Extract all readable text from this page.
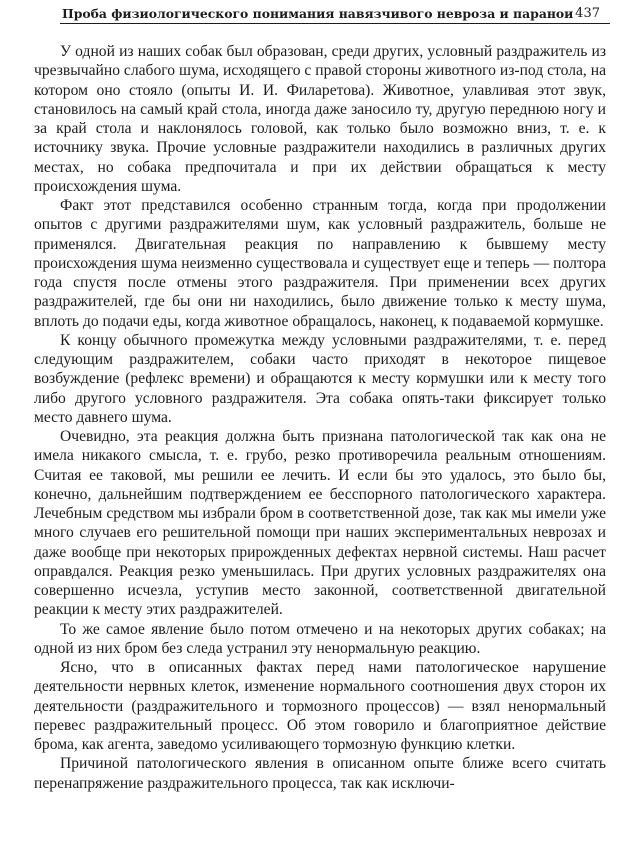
Проба физиологического понимания навязчивого невроза и паранои 437

У одной из наших собак был образован, среди других, условный раздражитель из чрезвычайно слабого шума, исходящего с правой стороны животного из-под стола, на котором оно стояло (опыты И. И. Филаретова). Животное, улавливая этот звук, становилось на самый край стола, иногда даже заносило ту, другую переднюю ногу и за край стола и наклонялось головой, как только было возможно вниз, т. е. к источнику звука. Прочие условные раздражители находились в различных других местах, но собака предпочитала и при их действии обращаться к месту происхождения шума.

Факт этот представился особенно странным тогда, когда при продолжении опытов с другими раздражителями шум, как условный раздражитель, больше не применялся. Двигательная реакция по направлению к бывшему месту происхождения шума неизменно существовала и существует еще и теперь — полтора года спустя после отмены этого раздражителя. При применении всех других раздражителей, где бы они ни находились, было движение только к месту шума, вплоть до подачи еды, когда животное обращалось, наконец, к подаваемой кормушке.

К концу обычного промежутка между условными раздражителями, т. е. перед следующим раздражителем, собаки часто приходят в некоторое пищевое возбуждение (рефлекс времени) и обращаются к месту кормушки или к месту того либо другого условного раздражителя. Эта собака опять-таки фиксирует только место давнего шума.

Очевидно, эта реакция должна быть признана патологической так как она не имела никакого смысла, т. е. грубо, резко противоречила реальным отношениям. Считая ее таковой, мы решили ее лечить. И если бы это удалось, это было бы, конечно, дальнейшим подтверждением ее бесспорного патологического характера. Лечебным средством мы избрали бром в соответственной дозе, так как мы имели уже много случаев его решительной помощи при наших экспериментальных неврозах и даже вообще при некоторых прирожденных дефектах нервной системы. Наш расчет оправдался. Реакция резко уменьшилась. При других условных раздражителях она совершенно исчезла, уступив место законной, соответственной двигательной реакции к месту этих раздражителей.

То же самое явление было потом отмечено и на некоторых других собаках; на одной из них бром без следа устранил эту ненормальную реакцию.

Ясно, что в описанных фактах перед нами патологическое нарушение деятельности нервных клеток, изменение нормального соотношения двух сторон их деятельности (раздражительного и тормозного процессов) — взял ненормальный перевес раздражительный процесс. Об этом говорило и благоприятное действие брома, как агента, заведомо усиливающего тормозную функцию клетки.

Причиной патологического явления в описанном опыте ближе всего считать перенапряжение раздражительного процесса, так как исключи-
